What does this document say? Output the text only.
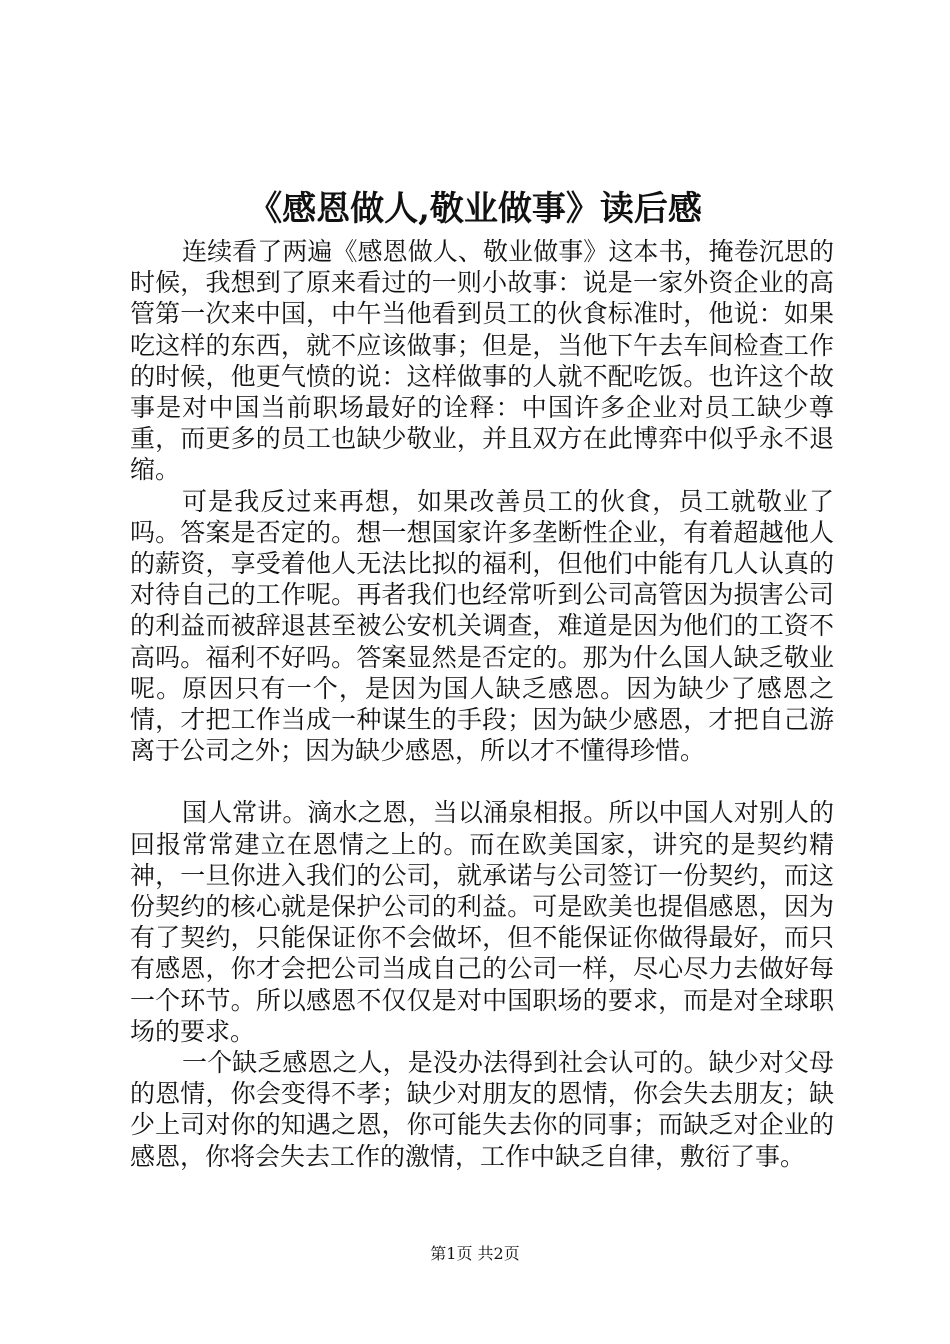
《感恩做人,敬业做事》读后感

连续看了两遍《感恩做人、敬业做事》这本书，掩卷沉思的时候，我想到了原来看过的一则小故事：说是一家外资企业的高管第一次来中国，中午当他看到员工的伙食标准时，他说：如果吃这样的东西，就不应该做事；但是，当他下午去车间检查工作的时候，他更气愤的说：这样做事的人就不配吃饭。也许这个故事是对中国当前职场最好的诠释：中国许多企业对员工缺少尊重，而更多的员工也缺少敬业，并且双方在此博弈中似乎永不退缩。

可是我反过来再想，如果改善员工的伙食，员工就敬业了吗。答案是否定的。想一想国家许多垄断性企业，有着超越他人的薪资，享受着他人无法比拟的福利，但他们中能有几人认真的对待自己的工作呢。再者我们也经常听到公司高管因为损害公司的利益而被辞退甚至被公安机关调查，难道是因为他们的工资不高吗。福利不好吗。答案显然是否定的。那为什么国人缺乏敬业呢。原因只有一个，是因为国人缺乏感恩。因为缺少了感恩之情，才把工作当成一种谋生的手段；因为缺少感恩，才把自己游离于公司之外；因为缺少感恩，所以才不懂得珍惜。

国人常讲。滴水之恩，当以涌泉相报。所以中国人对别人的回报常常建立在恩情之上的。而在欧美国家，讲究的是契约精神，一旦你进入我们的公司，就承诺与公司签订一份契约，而这份契约的核心就是保护公司的利益。可是欧美也提倡感恩，因为有了契约，只能保证你不会做坏，但不能保证你做得最好，而只有感恩，你才会把公司当成自己的公司一样，尽心尽力去做好每一个环节。所以感恩不仅仅是对中国职场的要求，而是对全球职场的要求。

一个缺乏感恩之人，是没办法得到社会认可的。缺少对父母的恩情，你会变得不孝；缺少对朋友的恩情，你会失去朋友；缺少上司对你的知遇之恩，你可能失去你的同事；而缺乏对企业的感恩，你将会失去工作的激情，工作中缺乏自律，敷衍了事。

第1页 共2页
